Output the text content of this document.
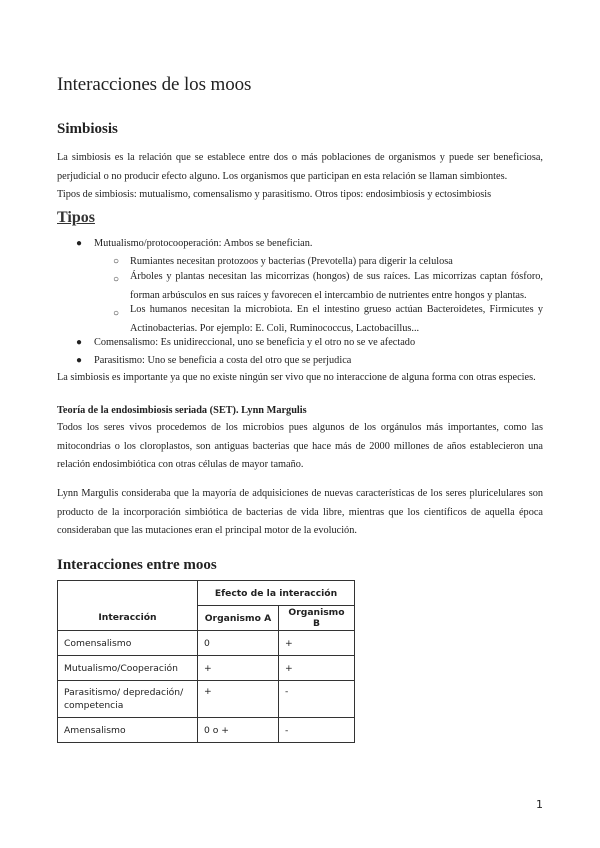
Interacciones de los moos
Simbiosis

La simbiosis es la relación que se establece entre dos o más poblaciones de organismos y puede ser beneficiosa, perjudicial o no producir efecto alguno. Los organismos que participan en esta relación se llaman simbiontes.

Tipos de simbiosis: mutualismo, comensalismo y parasitismo. Otros tipos: endosimbiosis y ectosimbiosis

Tipos
● Mutualismo/protocooperación: Ambos se benefician.
○ Rumiantes necesitan protozoos y bacterias (Prevotella) para digerir la celulosa
○ Árboles y plantas necesitan las micorrizas (hongos) de sus raíces. Las micorrizas captan fósforo, forman arbúsculos en sus raíces y favorecen el intercambio de nutrientes entre hongos y plantas.
○ Los humanos necesitan la microbiota. En el intestino grueso actúan Bacteroidetes, Firmicutes y Actinobacterias. Por ejemplo: E. Coli, Ruminococcus, Lactobacillus...
● Comensalismo: Es unidireccional, uno se beneficia y el otro no se ve afectado
● Parasitismo: Uno se beneficia a costa del otro que se perjudica
La simbiosis es importante ya que no existe ningún ser vivo que no interaccione de alguna forma con otras especies.
Teoría de la endosimbiosis seriada (SET). Lynn Margulis
Todos los seres vivos procedemos de los microbios pues algunos de los orgánulos más importantes, como las mitocondrias o los cloroplastos, son antiguas bacterias que hace más de 2000 millones de años establecieron una relación endosimbiótica con otras células de mayor tamaño.
Lynn Margulis consideraba que la mayoría de adquisiciones de nuevas características de los seres pluricelulares son producto de la incorporación simbiótica de bacterias de vida libre, mientras que los científicos de aquella época consideraban que las mutaciones eran el principal motor de la evolución.
Interacciones entre moos
Interacción	Efecto de la interacción	
	Organismo A	Organismo B
Comensalismo	0	+
Mutualismo/Cooperación	+	+
Parasitismo/ depredación/ competencia	+	-
Amensalismo	0 o +	-
1
